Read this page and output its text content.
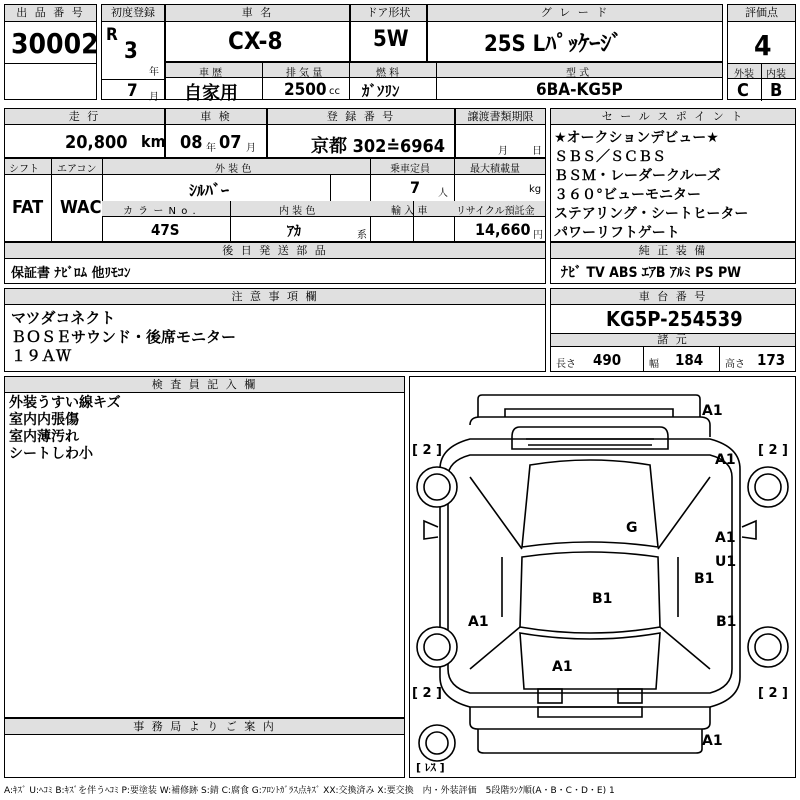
出 品 番 号
30002
初度登録
R
3
年
7 月
車 名
CX-8
ドア形状
5W
グ レ ー ド
25S Lﾊﾟｯｹｰｼﾞ
評価点
4
外装 内装
C B
車 歴	排 気 量	燃 料	型 式
自家用	2500 cc ｶﾞｿﾘﾝ	6BA-KG5P
走 行
20,800 km
車 検
08 年 07 月
登 録 番 号
京都 302≐6964
譲渡書類期限
月 日
シフト エアコン	外 装 色	乗車定員	最大積載量
FAT WAC
ｼﾙﾊﾞｰ	7 人	kg
カ ラ ー N o .	内 装 色	輸 入 車	リサイクル預託金
47S	ｱｶ	系	14,660 円
後 日 発 送 部 品
保証書 ﾅﾋﾞﾛﾑ 他ﾘﾓｺﾝ
セ ー ル ス ポ イ ン ト
★オークションデビュー★
ＳＢＳ／ＳＣＢＳ
ＢＳＭ・レーダークルーズ
３６０°ビューモニター
ステアリング・シートヒーター
パワーリフトゲート
純 正 装 備
ﾅﾋﾞ TV ABS ｴｱB ｱﾙﾐ PS PW
注 意 事 項 欄
マツダコネクト
ＢＯＳＥサウンド・後席モニター
１９ＡＷ
車 台 番 号
KG5P-254539
諸 元
長さ 490	幅 184 高さ 173
検 査 員 記 入 欄
外装うすい線キズ
室内内張傷
室内薄汚れ
シートしわ小
事 務 局 よ り ご 案 内
A1
A1
G
A1
U1
B1
B1
A1	B1
A1
A1
[ 2 ]	[ 2 ]
[ 2 ]	[ 2 ]
[ ﾚｽ ]
A:ｷｽﾞ U:ﾍｺﾐ B:ｷｽﾞを伴うﾍｺﾐ P:要塗装 W:補修跡 S:錆 C:腐食 G:ﾌﾛﾝﾄｶﾞﾗｽ点ｷｽﾞ XX:交換済み X:要交換　内・外装評価　5段階ﾗﾝｸ順(A・B・C・D・E) 1
